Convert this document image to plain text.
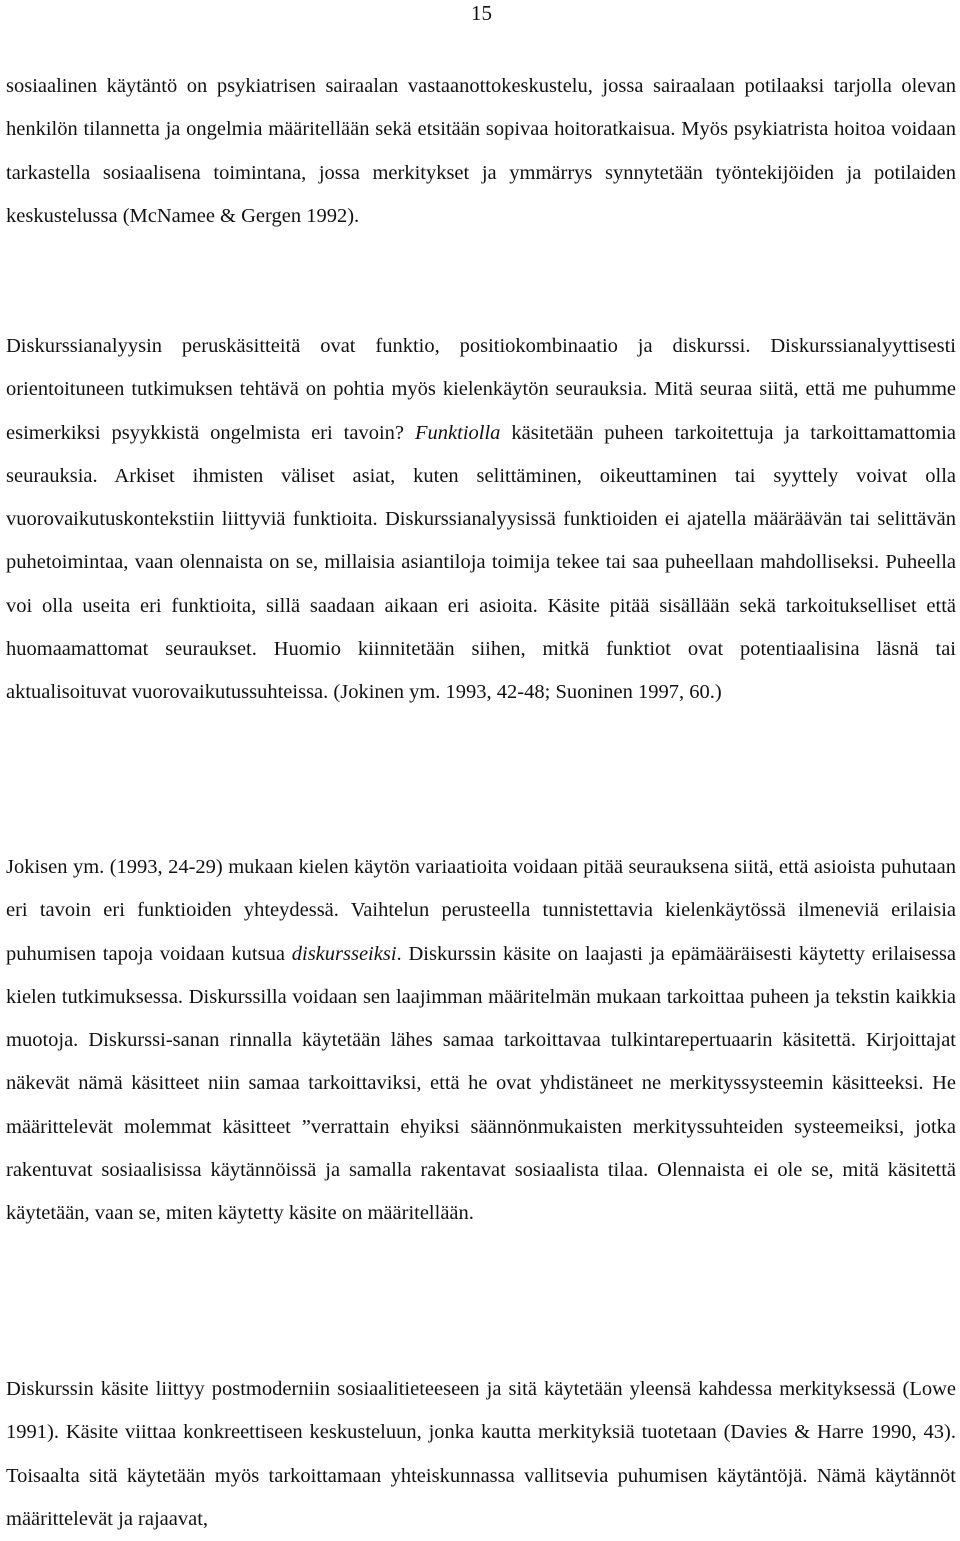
15

sosiaalinen käytäntö on psykiatrisen sairaalan vastaanottokeskustelu, jossa sairaalaan potilaaksi tarjolla olevan henkilön tilannetta ja ongelmia määritellään sekä etsitään sopivaa hoitoratkaisua. Myös psykiatrista hoitoa voidaan tarkastella sosiaalisena toimintana, jossa merkitykset ja ymmärrys synnytetään työntekijöiden ja potilaiden keskustelussa (McNamee & Gergen 1992).

Diskurssianalyysin peruskäsitteitä ovat funktio, positiokombinaatio ja diskurssi. Diskurssianalyyttisesti orientoituneen tutkimuksen tehtävä on pohtia myös kielenkäytön seurauksia. Mitä seuraa siitä, että me puhumme esimerkiksi psyykkistä ongelmista eri tavoin? Funktiolla käsitetään puheen tarkoitettuja ja tarkoittamattomia seurauksia. Arkiset ihmisten väliset asiat, kuten selittäminen, oikeuttaminen tai syyttely voivat olla vuorovaikutuskontekstiin liittyviä funktioita. Diskurssianalyysissä funktioiden ei ajatella määräävän tai selittävän puhetoimintaa, vaan olennaista on se, millaisia asiantiloja toimija tekee tai saa puheellaan mahdolliseksi. Puheella voi olla useita eri funktioita, sillä saadaan aikaan eri asioita. Käsite pitää sisällään sekä tarkoitukselliset että huomaamattomat seuraukset. Huomio kiinnitetään siihen, mitkä funktiot ovat potentiaalisina läsnä tai aktualisoituvat vuorovaikutussuhteissa. (Jokinen ym. 1993, 42-48; Suoninen 1997, 60.)

Jokisen ym. (1993, 24-29) mukaan kielen käytön variaatioita voidaan pitää seurauksena siitä, että asioista puhutaan eri tavoin eri funktioiden yhteydessä. Vaihtelun perusteella tunnistettavia kielenkäytössä ilmeneviä erilaisia puhumisen tapoja voidaan kutsua diskursseiksi. Diskurssin käsite on laajasti ja epämääräisesti käytetty erilaisessa kielen tutkimuksessa. Diskurssilla voidaan sen laajimman määritelmän mukaan tarkoittaa puheen ja tekstin kaikkia muotoja. Diskurssi-sanan rinnalla käytetään lähes samaa tarkoittavaa tulkintarepertuaarin käsitettä. Kirjoittajat näkevät nämä käsitteet niin samaa tarkoittaviksi, että he ovat yhdistäneet ne merkityssysteemin käsitteeksi. He määrittelevät molemmat käsitteet ”verrattain ehyiksi säännönmukaisten merkityssuhteiden systeemeiksi, jotka rakentuvat sosiaalisissa käytännöissä ja samalla rakentavat sosiaalista tilaa. Olennaista ei ole se, mitä käsitettä käytetään, vaan se, miten käytetty käsite on määritellään.

Diskurssin käsite liittyy postmoderniin sosiaalitieteeseen ja sitä käytetään yleensä kahdessa merkityksessä (Lowe 1991). Käsite viittaa konkreettiseen keskusteluun, jonka kautta merkityksiä tuotetaan (Davies & Harre 1990, 43). Toisaalta sitä käytetään myös tarkoittamaan yhteiskunnassa vallitsevia puhumisen käytäntöjä. Nämä käytännöt määrittelevät ja rajaavat,
